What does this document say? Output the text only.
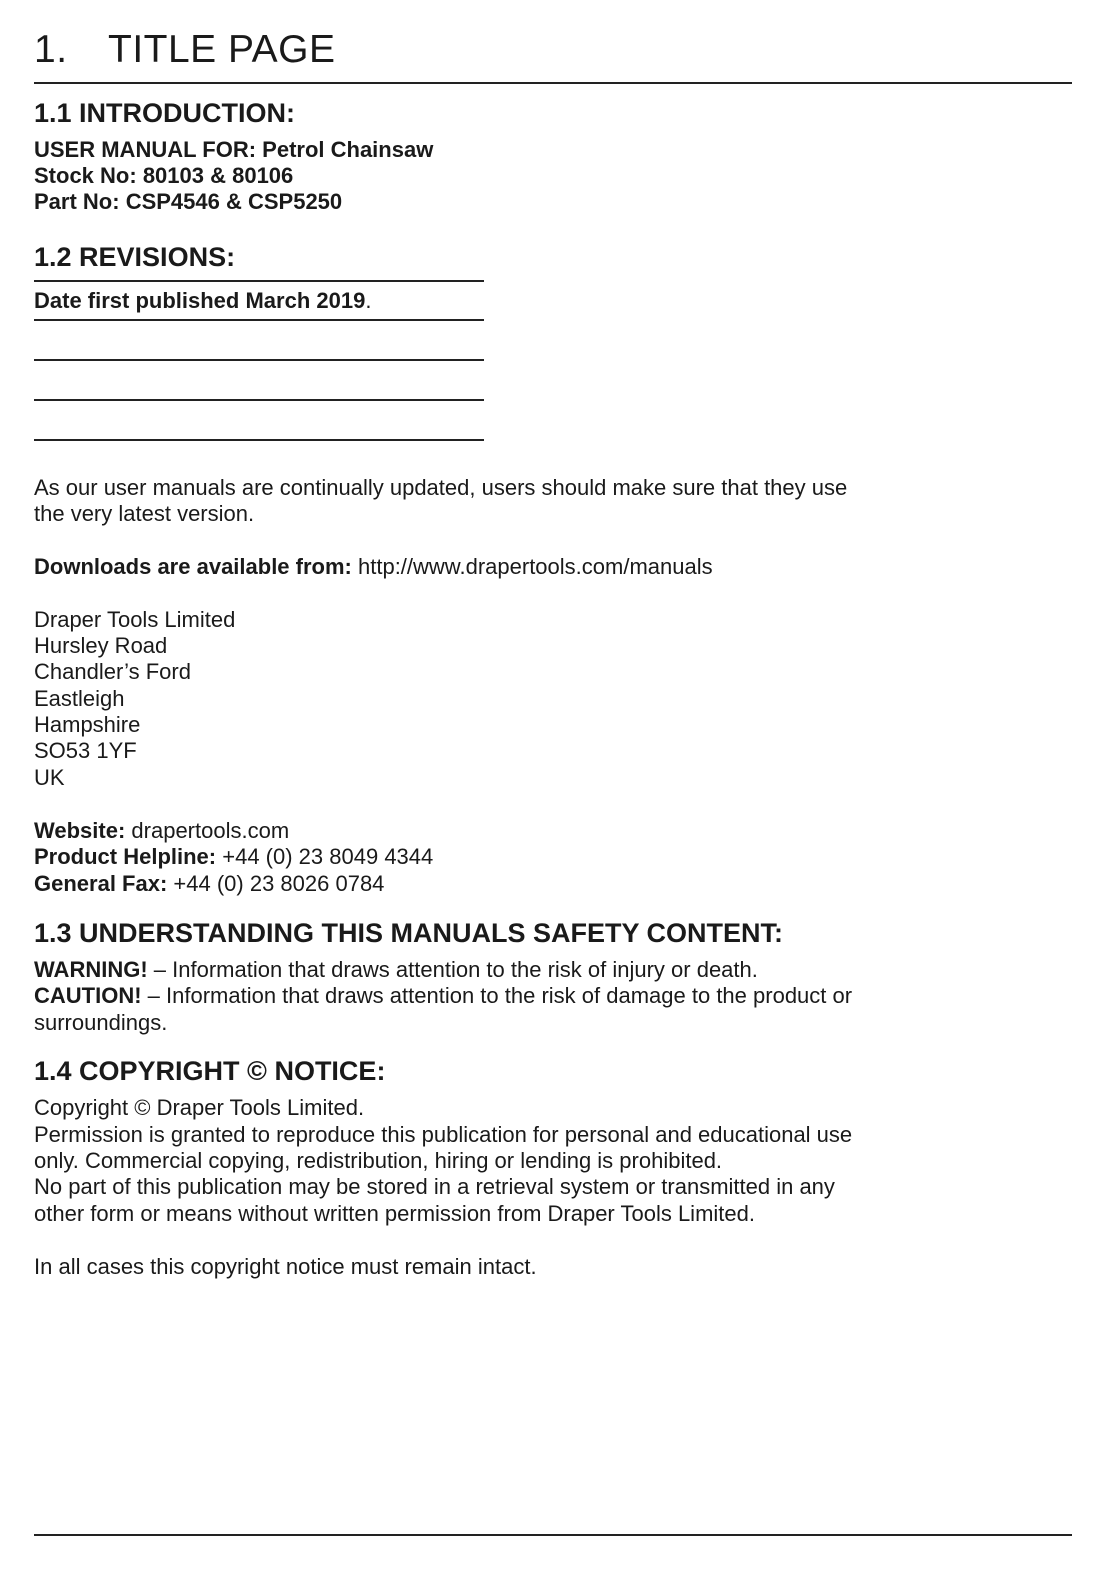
1. TITLE PAGE
1.1 INTRODUCTION:
USER MANUAL FOR: Petrol Chainsaw
Stock No: 80103 & 80106
Part No: CSP4546 & CSP5250
1.2 REVISIONS:
Date first published March 2019.
As our user manuals are continually updated, users should make sure that they use
the very latest version.
Downloads are available from: http://www.drapertools.com/manuals
Draper Tools Limited
Hursley Road
Chandler’s Ford
Eastleigh
Hampshire
SO53 1YF
UK
Website: drapertools.com
Product Helpline: +44 (0) 23 8049 4344
General Fax: +44 (0) 23 8026 0784
1.3 UNDERSTANDING THIS MANUALS SAFETY CONTENT:
WARNING! – Information that draws attention to the risk of injury or death.
CAUTION! – Information that draws attention to the risk of damage to the product or
surroundings.
1.4 COPYRIGHT © NOTICE:
Copyright © Draper Tools Limited.
Permission is granted to reproduce this publication for personal and educational use
only. Commercial copying, redistribution, hiring or lending is prohibited.
No part of this publication may be stored in a retrieval system or transmitted in any
other form or means without written permission from Draper Tools Limited.
In all cases this copyright notice must remain intact.
